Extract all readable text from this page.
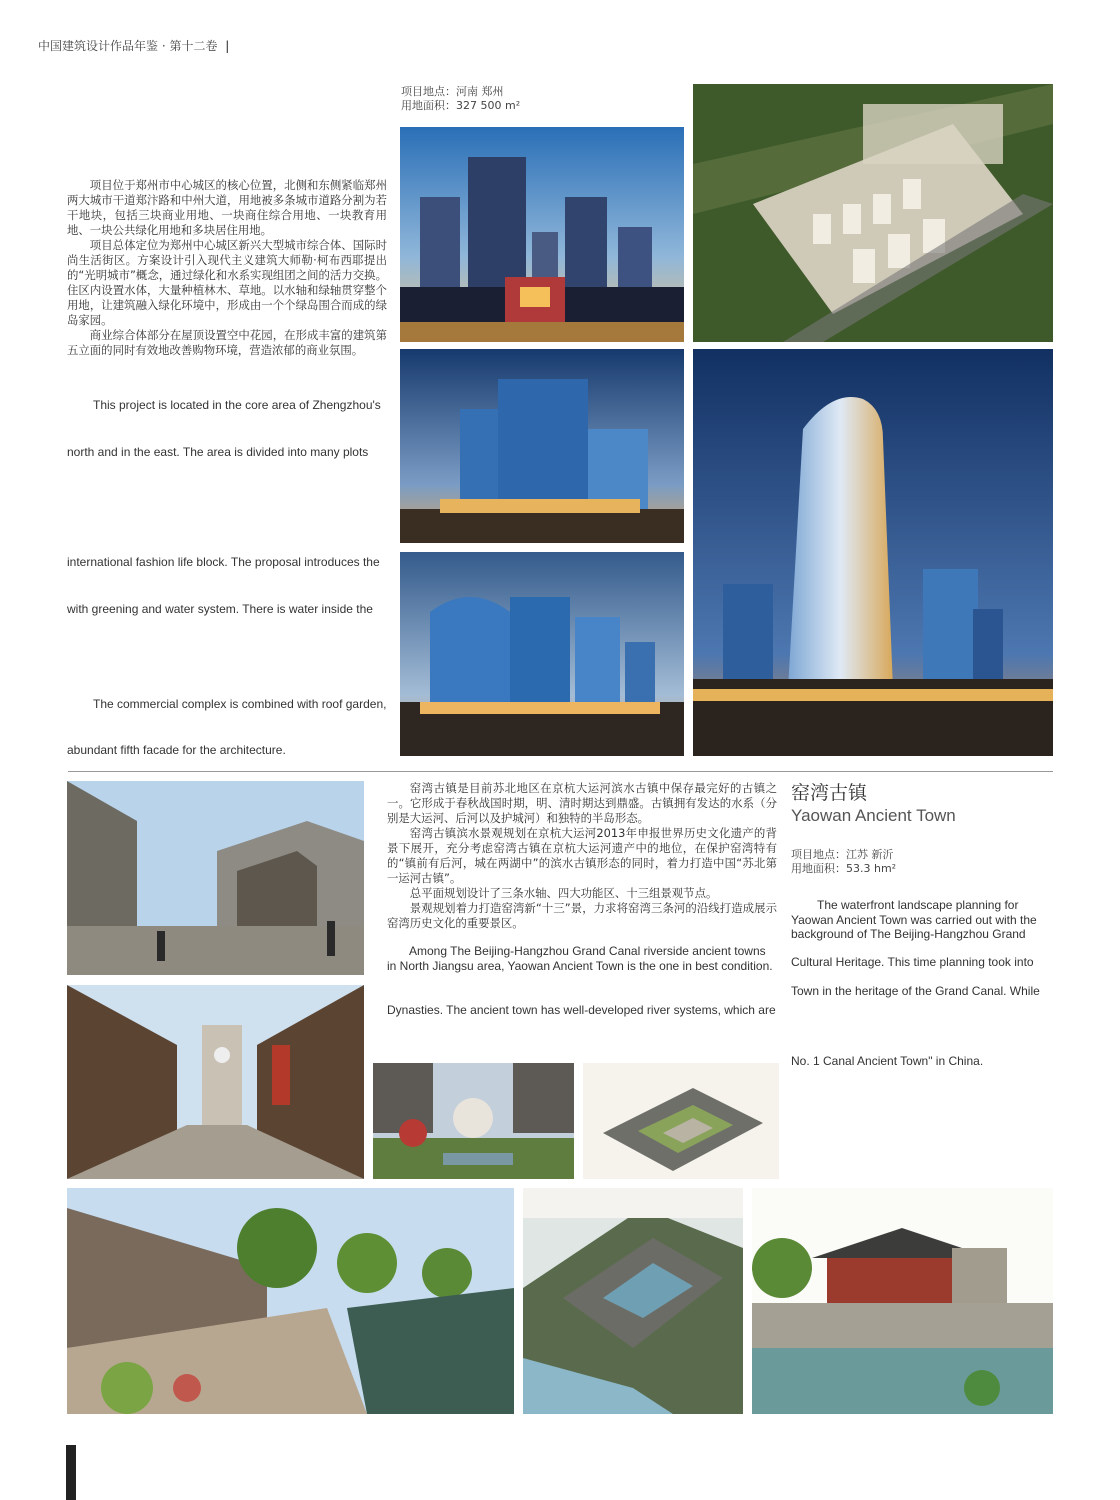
中国建筑设计作品年鉴 · 第十二卷 |
项目地点：河南 郑州
用地面积：327 500 m²

项目位于郑州市中心城区的核心位置，北侧和东侧紧临郑州两大城市干道郑汴路和中州大道，用地被多条城市道路分割为若干地块，包括三块商业用地、一块商住综合用地、一块教育用地、一块公共绿化用地和多块居住用地。

项目总体定位为郑州中心城区新兴大型城市综合体、国际时尚生活街区。方案设计引入现代主义建筑大师勒·柯布西耶提出的“光明城市”概念，通过绿化和水系实现组团之间的活力交换。住区内设置水体，大量种植林木、草地。以水轴和绿轴贯穿整个用地，让建筑融入绿化环境中，形成由一个个绿岛围合而成的绿岛家园。

商业综合体部分在屋顶设置空中花园，在形成丰富的建筑第五立面的同时有效地改善购物环境，营造浓郁的商业氛围。

This project is located in the core area of Zhengzhou's
north and in the east. The area is divided into many plots
international fashion life block. The proposal introduces the
with greening and water system. There is water inside the
The commercial complex is combined with roof garden,
abundant fifth facade for the architecture.

窑湾古镇是目前苏北地区在京杭大运河滨水古镇中保存最完好的古镇之一。它形成于春秋战国时期，明、清时期达到鼎盛。古镇拥有发达的水系（分别是大运河、后河以及护城河）和独特的半岛形态。

窑湾古镇滨水景观规划在京杭大运河2013年申报世界历史文化遗产的背景下展开，充分考虑窑湾古镇在京杭大运河遗产中的地位，在保护窑湾特有的“镇前有后河，城在两湖中”的滨水古镇形态的同时，着力打造中国“苏北第一运河古镇”。

总平面规划设计了三条水轴、四大功能区、十三组景观节点。

景观规划着力打造窑湾新“十三”景，力求将窑湾三条河的沿线打造成展示窑湾历史文化的重要景区。

Among The Beijing-Hangzhou Grand Canal riverside ancient towns
in North Jiangsu area, Yaowan Ancient Town is the one in best condition.
Dynasties. The ancient town has well-developed river systems, which are
窑湾古镇
Yaowan Ancient Town
项目地点：江苏 新沂
用地面积：53.3 hm²
The waterfront landscape planning for
Yaowan Ancient Town was carried out with the
background of The Beijing-Hangzhou Grand
Cultural Heritage. This time planning took into
Town in the heritage of the Grand Canal. While
No. 1 Canal Ancient Town" in China.
